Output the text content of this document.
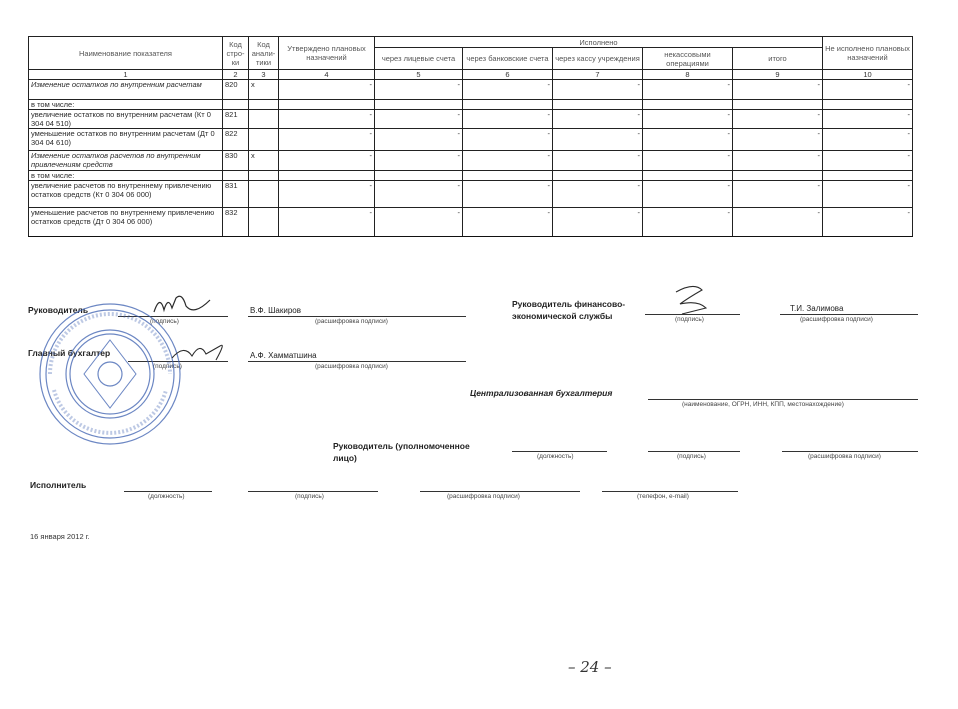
Наименование показателя	Код стро-ки	Код анали-тики	Утверждено плановых назначений	Исполнено					Не исполнено плановых назначений
				через лицевые счета	через банковские счета	через кассу учреждения	некассовыми операциями	итого	
1	2	3	4	5	6	7	8	9	10
Изменение остатков по внутренним расчетам	820	x	-	-	-	-	-	-	-
в том числе:									
увеличение остатков по внутренним расчетам (Кт 0 304 04 510)	821		-	-	-	-	-	-	-
уменьшение остатков по внутренним расчетам (Дт 0 304 04 610)	822		-	-	-	-	-	-	-
Изменение остатков расчетов по внутренним привлечениям средств	830	x	-	-	-	-	-	-	-
в том числе:									
увеличение расчетов по внутреннему привлечению остатков средств (Кт 0 304 06 000)	831		-	-	-	-	-	-	-
уменьшение расчетов по внутреннему привлечению остатков средств (Дт 0 304 06 000)	832		-	-	-	-	-	-	-
Руководитель
(подпись)
В.Ф. Шакиров
(расшифровка подписи)
Главный бухгалтер
(подпись)
А.Ф. Хамматшина
(расшифровка подписи)
Руководитель финансово-экономической службы	(подпись)
Т.И. Залимова
(расшифровка подписи)
Централизованная бухгалтерия
(наименование, ОГРН, ИНН, КПП, местонахождение)
Руководитель (уполномоченное лицо)	(должность)	(подпись)	(расшифровка подписи)
Исполнитель
(должность)	(подпись)	(расшифровка подписи)	(телефон, e-mail)
16 января 2012 г.
– 24 –
